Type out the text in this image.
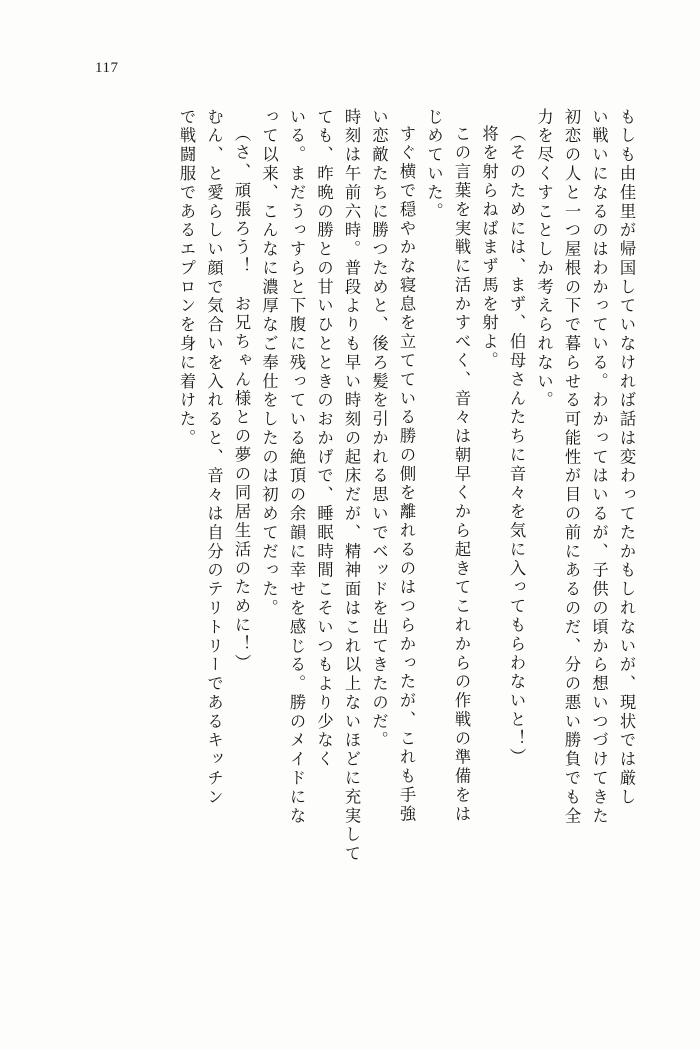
117
もしも由佳里が帰国していなければ話は変わってたかもしれないが、現状では厳し
い戦いになるのはわかっている。わかってはいるが、子供の頃から想いつづけてきた
初恋の人と一つ屋根の下で暮らせる可能性が目の前にあるのだ、分の悪い勝負でも全
力を尽くすことしか考えられない。
（そのためには、まず、伯母さんたちに音々を気に入ってもらわないと！）
将を射らねばまず馬を射よ。
この言葉を実戦に活かすべく、音々は朝早くから起きてこれからの作戦の準備をは
じめていた。
すぐ横で穏やかな寝息を立てている勝の側を離れるのはつらかったが、これも手強
い恋敵たちに勝つためと、後ろ髪を引かれる思いでベッドを出てきたのだ。
時刻は午前六時。普段よりも早い時刻の起床だが、精神面はこれ以上ないほどに充実して
ても、昨晩の勝との甘いひとときのおかげで、睡眠時間こそいつもより少なく
いる。まだうっすらと下腹に残っている絶頂の余韻に幸せを感じる。勝のメイドにな
って以来、こんなに濃厚なご奉仕をしたのは初めてだった。
（さ、頑張ろう！　お兄ちゃん様との夢の同居生活のために！）
むん、と愛らしい顔で気合いを入れると、音々は自分のテリトリーであるキッチン
で戦闘服であるエプロンを身に着けた。
